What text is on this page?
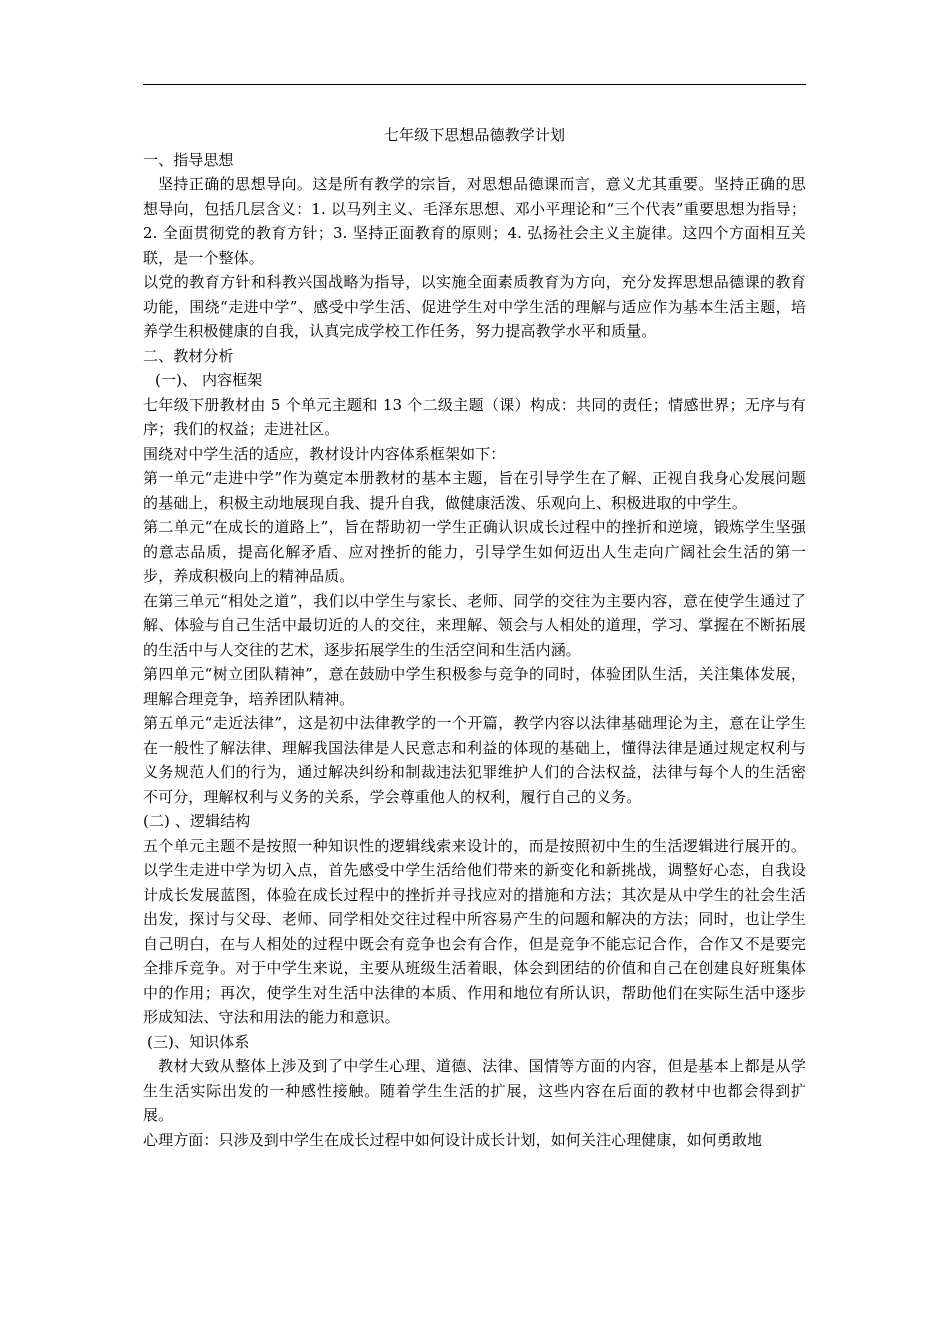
七年级下思想品德教学计划

一、指导思想

坚持正确的思想导向。这是所有教学的宗旨，对思想品德课而言，意义尤其重要。坚持正确的思想导向，包括几层含义：1. 以马列主义、毛泽东思想、邓小平理论和“三个代表”重要思想为指导；2. 全面贯彻党的教育方针；3. 坚持正面教育的原则；4. 弘扬社会主义主旋律。这四个方面相互关联，是一个整体。

以党的教育方针和科教兴国战略为指导，以实施全面素质教育为方向，充分发挥思想品德课的教育功能，围绕“走进中学”、感受中学生活、促进学生对中学生活的理解与适应作为基本生活主题，培养学生积极健康的自我，认真完成学校工作任务，努力提高教学水平和质量。

二、教材分析

(一)、 内容框架

七年级下册教材由 5 个单元主题和 13 个二级主题（课）构成：共同的责任；情感世界；无序与有序；我们的权益；走进社区。

围绕对中学生活的适应，教材设计内容体系框架如下：

第一单元“走进中学”作为奠定本册教材的基本主题，旨在引导学生在了解、正视自我身心发展问题的基础上，积极主动地展现自我、提升自我，做健康活泼、乐观向上、积极进取的中学生。

第二单元“在成长的道路上”，旨在帮助初一学生正确认识成长过程中的挫折和逆境，锻炼学生坚强的意志品质，提高化解矛盾、应对挫折的能力，引导学生如何迈出人生走向广阔社会生活的第一步，养成积极向上的精神品质。

在第三单元“相处之道”，我们以中学生与家长、老师、同学的交往为主要内容，意在使学生通过了解、体验与自己生活中最切近的人的交往，来理解、领会与人相处的道理，学习、掌握在不断拓展的生活中与人交往的艺术，逐步拓展学生的生活空间和生活内涵。

第四单元“树立团队精神”，意在鼓励中学生积极参与竞争的同时，体验团队生活，关注集体发展，理解合理竞争，培养团队精神。

第五单元“走近法律”，这是初中法律教学的一个开篇，教学内容以法律基础理论为主，意在让学生在一般性了解法律、理解我国法律是人民意志和利益的体现的基础上，懂得法律是通过规定权利与义务规范人们的行为，通过解决纠纷和制裁违法犯罪维护人们的合法权益，法律与每个人的生活密不可分，理解权利与义务的关系，学会尊重他人的权利，履行自己的义务。

(二) 、逻辑结构

五个单元主题不是按照一种知识性的逻辑线索来设计的，而是按照初中生的生活逻辑进行展开的。以学生走进中学为切入点，首先感受中学生活给他们带来的新变化和新挑战，调整好心态，自我设计成长发展蓝图，体验在成长过程中的挫折并寻找应对的措施和方法；其次是从中学生的社会生活出发，探讨与父母、老师、同学相处交往过程中所容易产生的问题和解决的方法；同时，也让学生自己明白，在与人相处的过程中既会有竞争也会有合作，但是竞争不能忘记合作，合作又不是要完全排斥竞争。对于中学生来说，主要从班级生活着眼，体会到团结的价值和自己在创建良好班集体中的作用；再次，使学生对生活中法律的本质、作用和地位有所认识，帮助他们在实际生活中逐步形成知法、守法和用法的能力和意识。

(三)、知识体系

教材大致从整体上涉及到了中学生心理、道德、法律、国情等方面的内容，但是基本上都是从学生生活实际出发的一种感性接触。随着学生生活的扩展，这些内容在后面的教材中也都会得到扩展。

心理方面：只涉及到中学生在成长过程中如何设计成长计划，如何关注心理健康，如何勇敢地
